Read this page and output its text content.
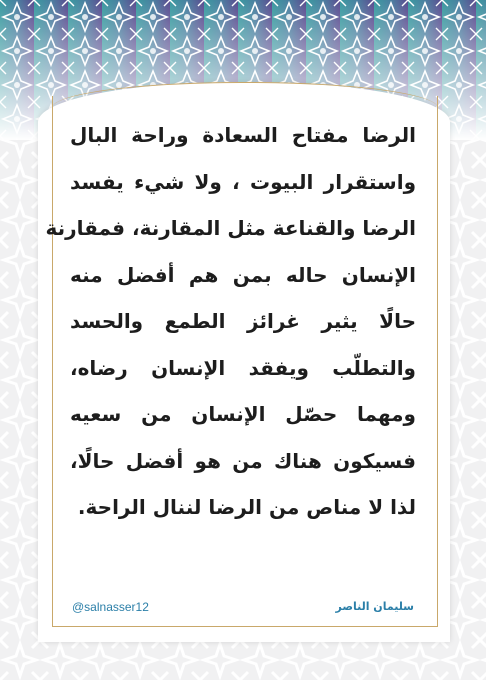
الرضا مفتاح السعادة وراحة البال
واستقرار البيوت ، ولا شيء يفسد
الرضا والقناعة مثل المقارنة، فمقارنة
الإنسان حاله بمن هم أفضل منه
حالًا يثير غرائز الطمع والحسد
والتطلّب ويفقد الإنسان رضاه،
ومهما حصّل الإنسان من سعيه
فسيكون هناك من هو أفضل حالًا،
لذا لا مناص من الرضا لننال الراحة.
@salnasser12	سليمان الناصر
